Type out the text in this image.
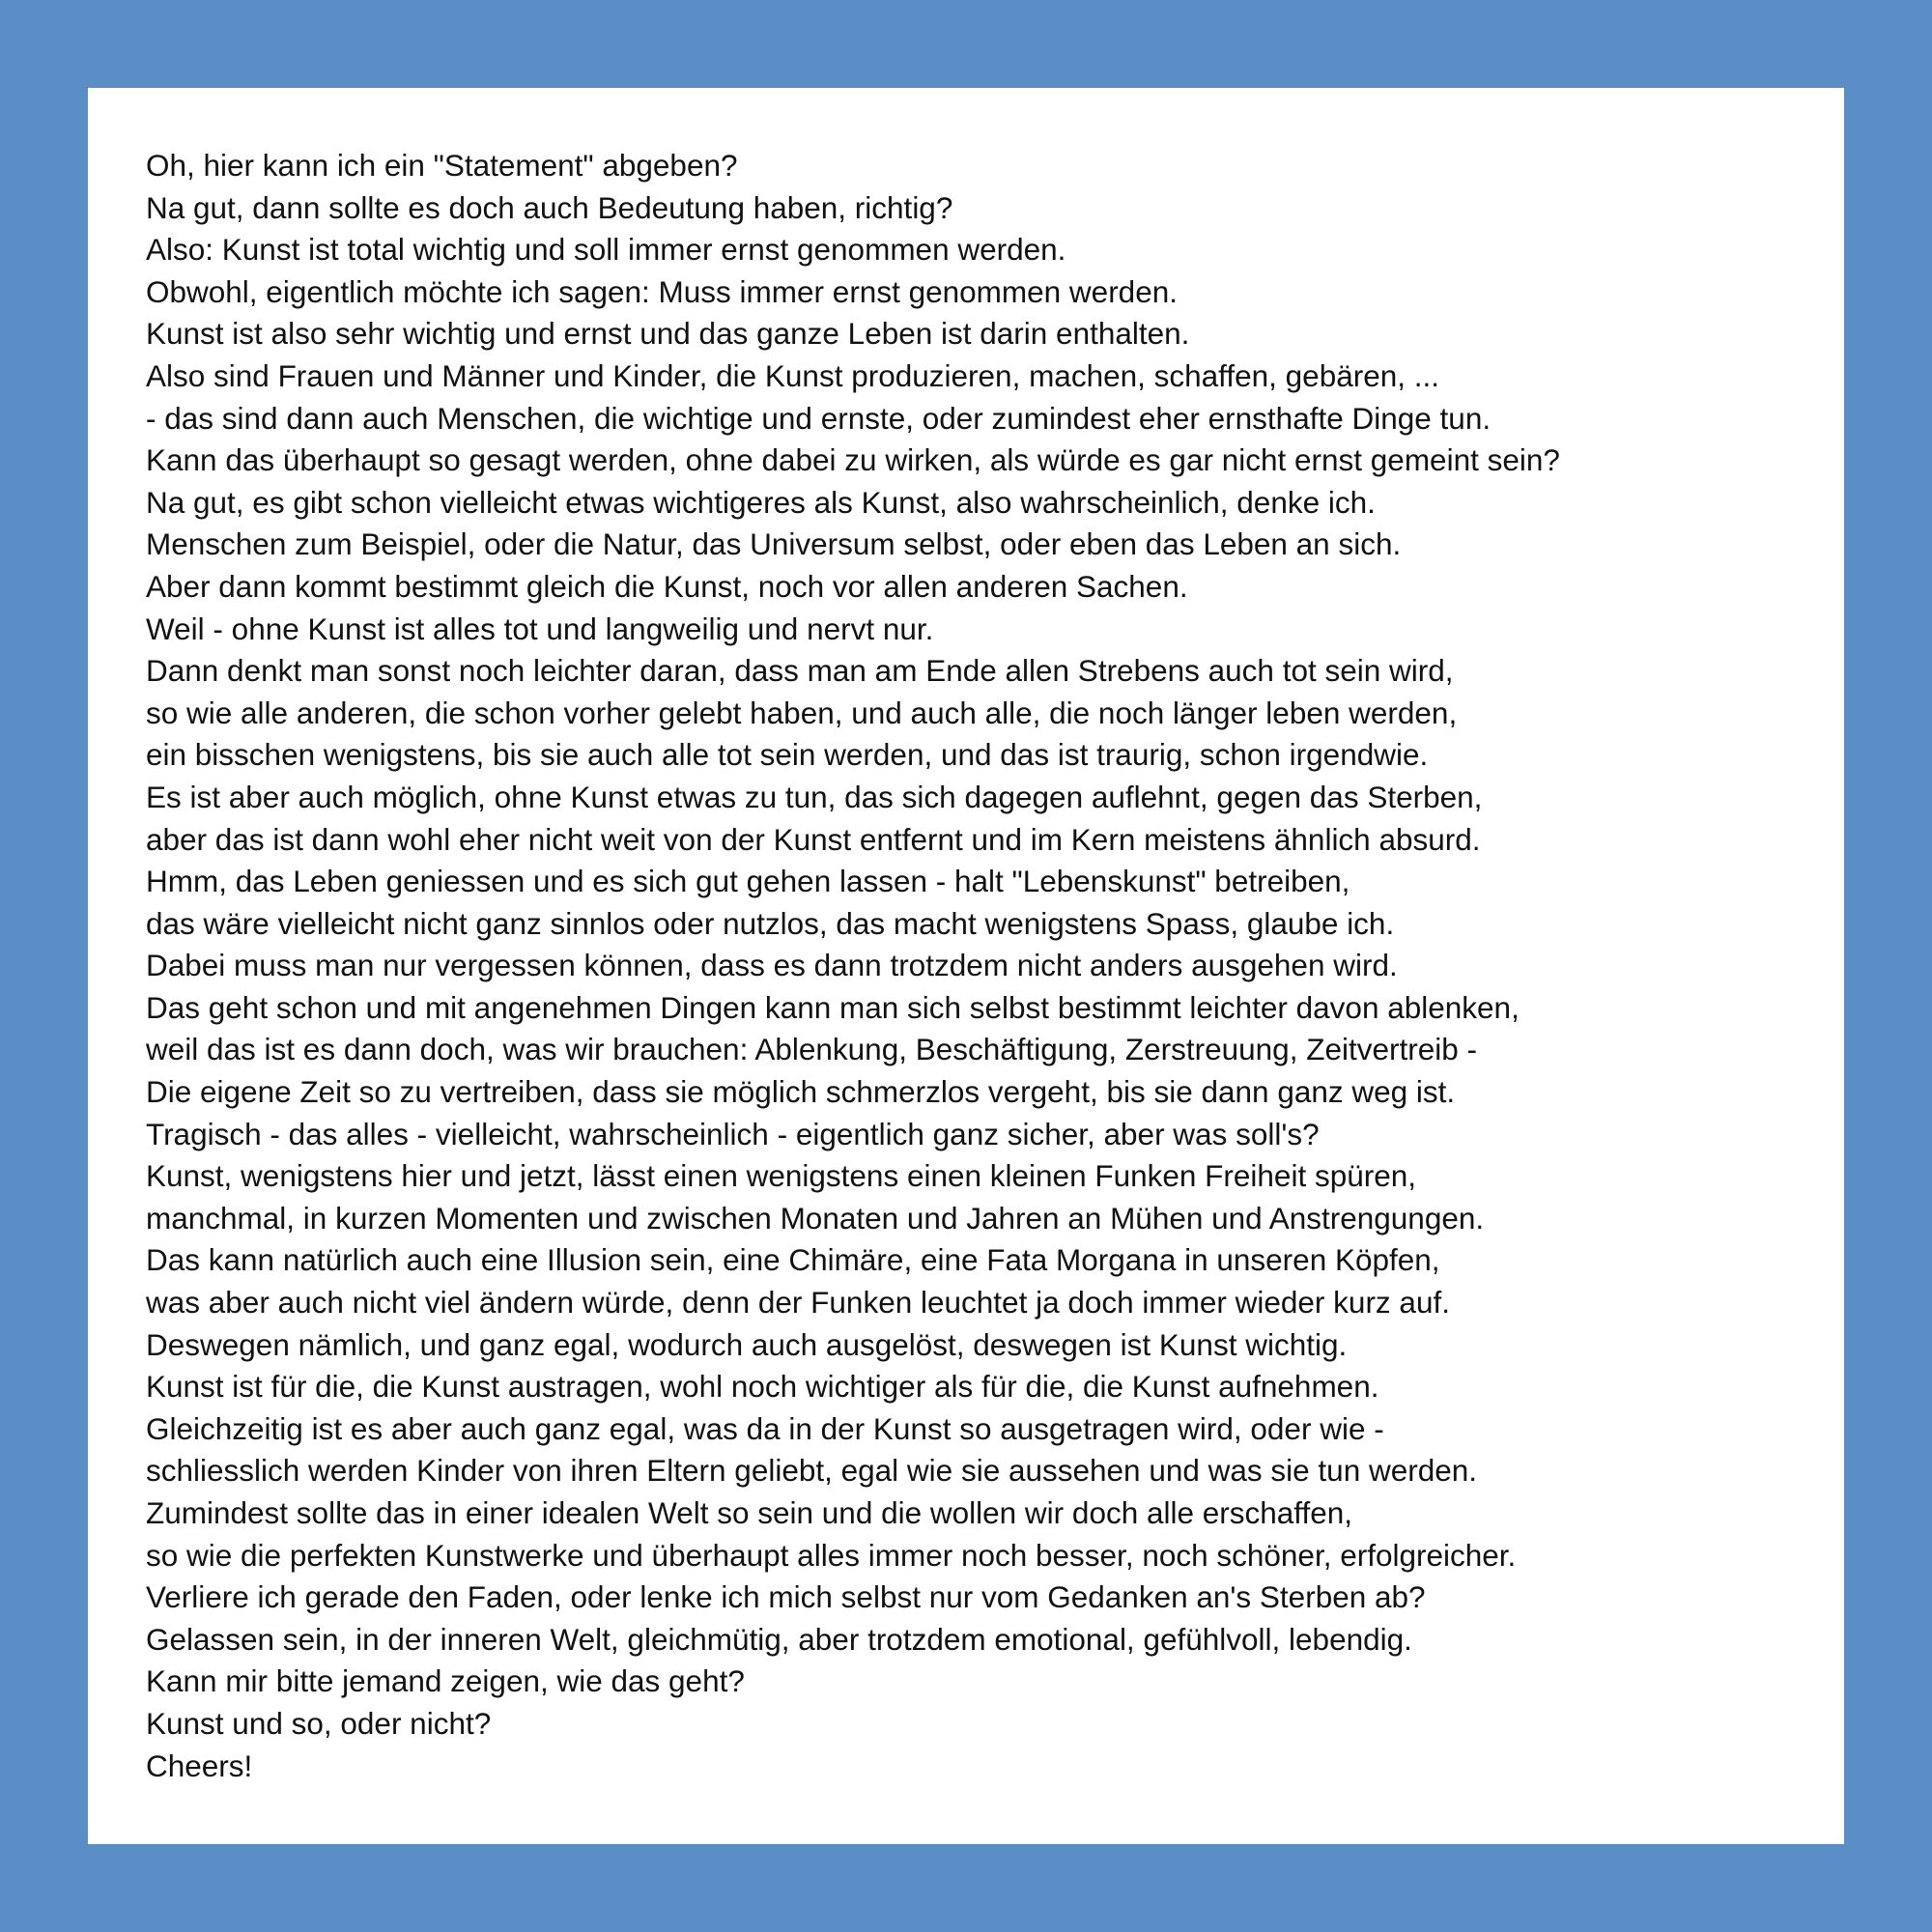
Oh, hier kann ich ein "Statement" abgeben?
Na gut, dann sollte es doch auch Bedeutung haben, richtig?
Also: Kunst ist total wichtig und soll immer ernst genommen werden.
Obwohl, eigentlich möchte ich sagen: Muss immer ernst genommen werden.
Kunst ist also sehr wichtig und ernst und das ganze Leben ist darin enthalten.
Also sind Frauen und Männer und Kinder, die Kunst produzieren, machen, schaffen, gebären, ...
- das sind dann auch Menschen, die wichtige und ernste, oder zumindest eher ernsthafte Dinge tun.
Kann das überhaupt so gesagt werden, ohne dabei zu wirken, als würde es gar nicht ernst gemeint sein?
Na gut, es gibt schon vielleicht etwas wichtigeres als Kunst, also wahrscheinlich, denke ich.
Menschen zum Beispiel, oder die Natur, das Universum selbst, oder eben das Leben an sich.
Aber dann kommt bestimmt gleich die Kunst, noch vor allen anderen Sachen.
Weil - ohne Kunst ist alles tot und langweilig und nervt nur.
Dann denkt man sonst noch leichter daran, dass man am Ende allen Strebens auch tot sein wird,
so wie alle anderen, die schon vorher gelebt haben, und auch alle, die noch länger leben werden,
ein bisschen wenigstens, bis sie auch alle tot sein werden, und das ist traurig, schon irgendwie.
Es ist aber auch möglich, ohne Kunst etwas zu tun, das sich dagegen auflehnt, gegen das Sterben,
aber das ist dann wohl eher nicht weit von der Kunst entfernt und im Kern meistens ähnlich absurd.
Hmm, das Leben geniessen und es sich gut gehen lassen - halt "Lebenskunst" betreiben,
das wäre vielleicht nicht ganz sinnlos oder nutzlos, das macht wenigstens Spass, glaube ich.
Dabei muss man nur vergessen können, dass es dann trotzdem nicht anders ausgehen wird.
Das geht schon und mit angenehmen Dingen kann man sich selbst bestimmt leichter davon ablenken,
weil das ist es dann doch, was wir brauchen: Ablenkung, Beschäftigung, Zerstreuung, Zeitvertreib -
Die eigene Zeit so zu vertreiben, dass sie möglich schmerzlos vergeht, bis sie dann ganz weg ist.
Tragisch - das alles - vielleicht, wahrscheinlich - eigentlich ganz sicher, aber was soll's?
Kunst, wenigstens hier und jetzt, lässt einen wenigstens einen kleinen Funken Freiheit spüren,
manchmal, in kurzen Momenten und zwischen Monaten und Jahren an Mühen und Anstrengungen.
Das kann natürlich auch eine Illusion sein, eine Chimäre, eine Fata Morgana in unseren Köpfen,
was aber auch nicht viel ändern würde, denn der Funken leuchtet ja doch immer wieder kurz auf.
Deswegen nämlich, und ganz egal, wodurch auch ausgelöst, deswegen ist Kunst wichtig.
Kunst ist für die, die Kunst austragen, wohl noch wichtiger als für die, die Kunst aufnehmen.
Gleichzeitig ist es aber auch ganz egal, was da in der Kunst so ausgetragen wird, oder wie -
schliesslich werden Kinder von ihren Eltern geliebt, egal wie sie aussehen und was sie tun werden.
Zumindest sollte das in einer idealen Welt so sein und die wollen wir doch alle erschaffen,
so wie die perfekten Kunstwerke und überhaupt alles immer noch besser, noch schöner, erfolgreicher.
Verliere ich gerade den Faden, oder lenke ich mich selbst nur vom Gedanken an's Sterben ab?
Gelassen sein, in der inneren Welt, gleichmütig, aber trotzdem emotional, gefühlvoll, lebendig.
Kann mir bitte jemand zeigen, wie das geht?
Kunst und so, oder nicht?
Cheers!
